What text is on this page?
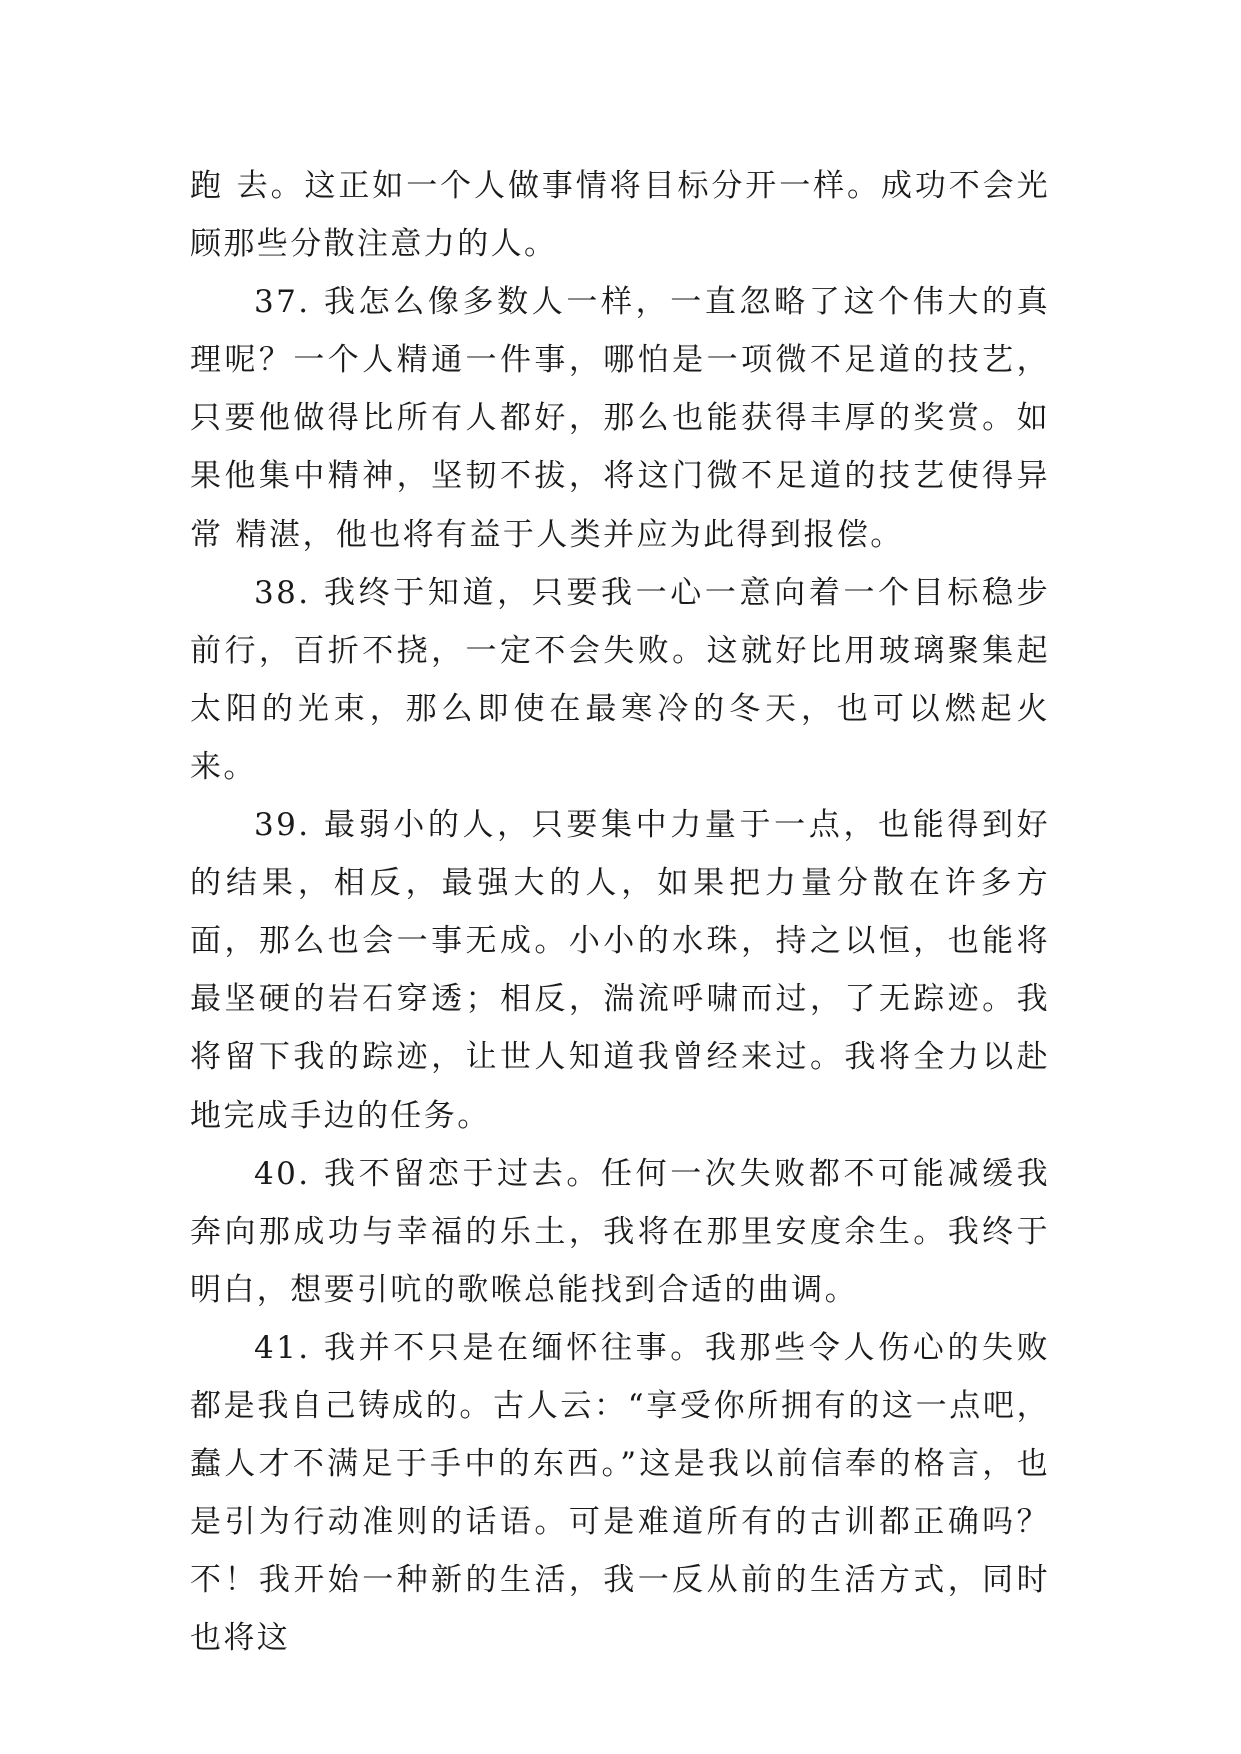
跑 去。这正如一个人做事情将目标分开一样。成功不会光顾那些分散注意力的人。

37. 我怎么像多数人一样，一直忽略了这个伟大的真理呢？一个人精通一件事，哪怕是一项微不足道的技艺，只要他做得比所有人都好，那么也能获得丰厚的奖赏。如果他集中精神，坚韧不拔，将这门微不足道的技艺使得异常 精湛，他也将有益于人类并应为此得到报偿。

38. 我终于知道，只要我一心一意向着一个目标稳步前行，百折不挠，一定不会失败。这就好比用玻璃聚集起太阳的光束，那么即使在最寒冷的冬天，也可以燃起火来。

39. 最弱小的人，只要集中力量于一点，也能得到好的结果，相反，最强大的人，如果把力量分散在许多方面，那么也会一事无成。小小的水珠，持之以恒，也能将最坚硬的岩石穿透；相反，湍流呼啸而过，了无踪迹。我将留下我的踪迹，让世人知道我曾经来过。我将全力以赴地完成手边的任务。

40. 我不留恋于过去。任何一次失败都不可能减缓我奔向那成功与幸福的乐土，我将在那里安度余生。我终于明白，想要引吭的歌喉总能找到合适的曲调。

41. 我并不只是在缅怀往事。我那些令人伤心的失败都是我自己铸成的。古人云：“享受你所拥有的这一点吧，蠢人才不满足于手中的东西。”这是我以前信奉的格言，也是引为行动准则的话语。可是难道所有的古训都正确吗？ 不！我开始一种新的生活，我一反从前的生活方式，同时也将这
